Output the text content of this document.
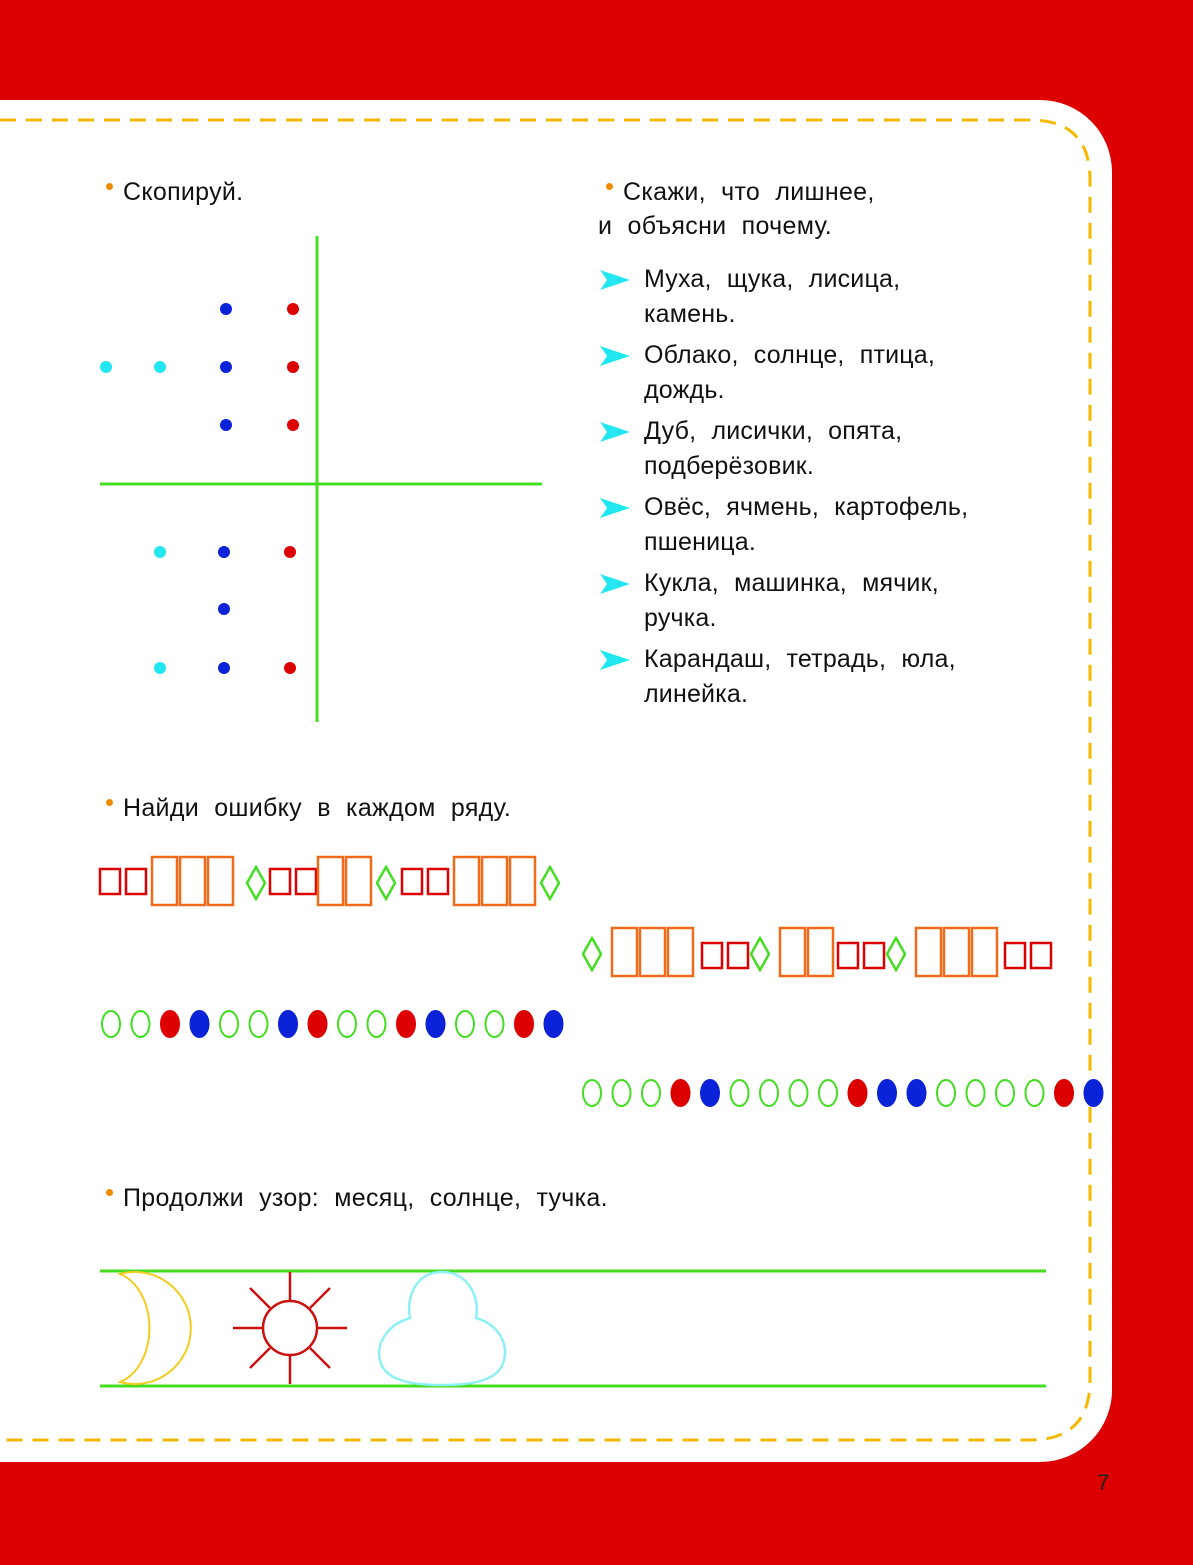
Скопируй.	Скажи, что лишнее,
и объясни почему.
Муха, щука, лисица,
камень.
Облако, солнце, птица,
дождь.
Дуб, лисички, опята,
подберёзовик.
Овёс, ячмень, картофель,
пшеница.
Кукла, машинка, мячик,
ручка.
Карандаш, тетрадь, юла,
линейка.
Найди ошибку в каждом ряду.
Продолжи узор: месяц, солнце, тучка.
7
